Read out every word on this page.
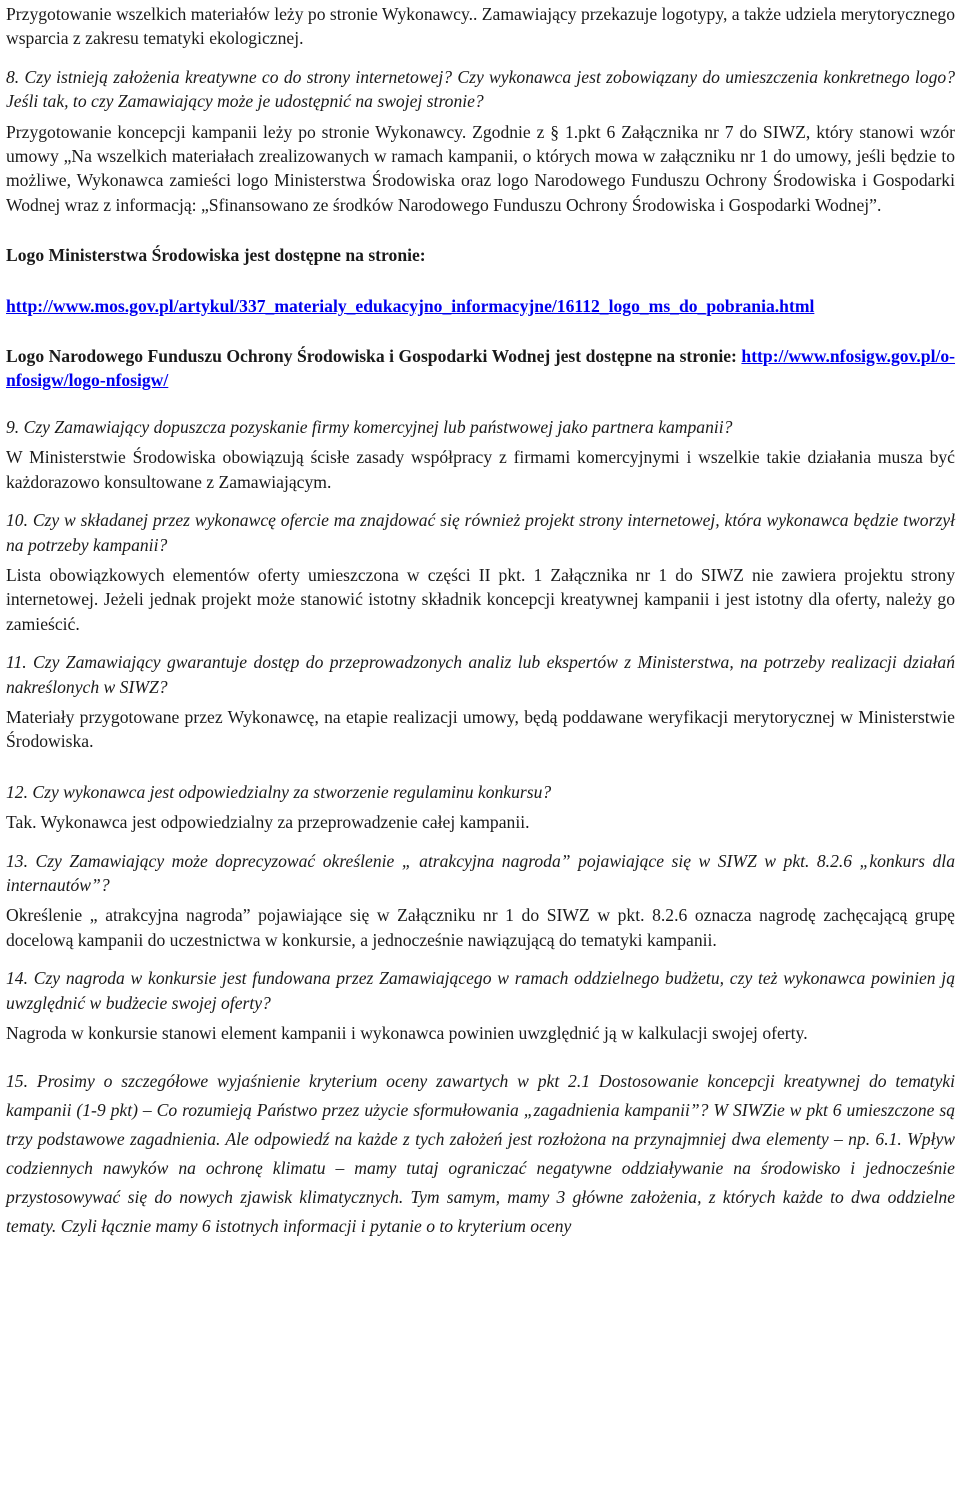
Przygotowanie wszelkich materiałów leży po stronie Wykonawcy.. Zamawiający przekazuje logotypy, a także udziela merytorycznego wsparcia z zakresu tematyki ekologicznej.

8. Czy istnieją założenia kreatywne co do strony internetowej? Czy wykonawca jest zobowiązany do umieszczenia konkretnego logo? Jeśli tak, to czy Zamawiający może je udostępnić na swojej stronie?

Przygotowanie koncepcji kampanii leży po stronie Wykonawcy. Zgodnie z § 1.pkt 6 Załącznika nr 7 do SIWZ, który stanowi wzór umowy „Na wszelkich materiałach zrealizowanych w ramach kampanii, o których mowa w załączniku nr 1 do umowy, jeśli będzie to możliwe, Wykonawca zamieści logo Ministerstwa Środowiska oraz logo Narodowego Funduszu Ochrony Środowiska i Gospodarki Wodnej wraz z informacją: „Sfinansowano ze środków Narodowego Funduszu Ochrony Środowiska i Gospodarki Wodnej”.

Logo Ministerstwa Środowiska jest dostępne na stronie:

http://www.mos.gov.pl/artykul/337_materialy_edukacyjno_informacyjne/16112_logo_ms_do_pobrania.html

Logo Narodowego Funduszu Ochrony Środowiska i Gospodarki Wodnej jest dostępne na stronie: http://www.nfosigw.gov.pl/o-nfosigw/logo-nfosigw/

9. Czy Zamawiający dopuszcza pozyskanie firmy komercyjnej lub państwowej jako partnera kampanii?

W Ministerstwie Środowiska obowiązują ścisłe zasady współpracy z firmami komercyjnymi i wszelkie takie działania musza być każdorazowo konsultowane z Zamawiającym.

10. Czy w składanej przez wykonawcę ofercie ma znajdować się również projekt strony internetowej, która wykonawca będzie tworzył na potrzeby kampanii?

Lista obowiązkowych elementów oferty umieszczona w części II pkt. 1 Załącznika nr 1 do SIWZ nie zawiera projektu strony internetowej. Jeżeli jednak projekt może stanowić istotny składnik koncepcji kreatywnej kampanii i jest istotny dla oferty, należy go zamieścić.

11. Czy Zamawiający gwarantuje dostęp do przeprowadzonych analiz lub ekspertów z Ministerstwa, na potrzeby realizacji działań nakreślonych w SIWZ?

Materiały przygotowane przez Wykonawcę, na etapie realizacji umowy, będą poddawane weryfikacji merytorycznej w Ministerstwie Środowiska.

12. Czy wykonawca jest odpowiedzialny za stworzenie regulaminu konkursu?

Tak. Wykonawca jest odpowiedzialny za przeprowadzenie całej kampanii.

13. Czy Zamawiający może doprecyzować określenie „ atrakcyjna nagroda” pojawiające się w SIWZ w pkt. 8.2.6 „konkurs dla internautów”?

Określenie „ atrakcyjna nagroda” pojawiające się w Załączniku nr 1 do SIWZ w pkt. 8.2.6 oznacza nagrodę zachęcającą grupę docelową kampanii do uczestnictwa w konkursie, a jednocześnie nawiązującą do tematyki kampanii.

14. Czy nagroda w konkursie jest fundowana przez Zamawiającego w ramach oddzielnego budżetu, czy też wykonawca powinien ją uwzględnić w budżecie swojej oferty?

Nagroda w konkursie stanowi element kampanii i wykonawca powinien uwzględnić ją w kalkulacji swojej oferty.

15. Prosimy o szczegółowe wyjaśnienie kryterium oceny zawartych w pkt 2.1 Dostosowanie koncepcji kreatywnej do tematyki kampanii (1-9 pkt) – Co rozumieją Państwo przez użycie sformułowania „zagadnienia kampanii”? W SIWZie w pkt 6 umieszczone są trzy podstawowe zagadnienia. Ale odpowiedź na każde z tych założeń jest rozłożona na przynajmniej dwa elementy – np. 6.1. Wpływ codziennych nawyków na ochronę klimatu – mamy tutaj ograniczać negatywne oddziaływanie na środowisko i jednocześnie przystosowywać się do nowych zjawisk klimatycznych. Tym samym, mamy 3 główne założenia, z których każde to dwa oddzielne tematy. Czyli łącznie mamy 6 istotnych informacji i pytanie o to kryterium oceny
